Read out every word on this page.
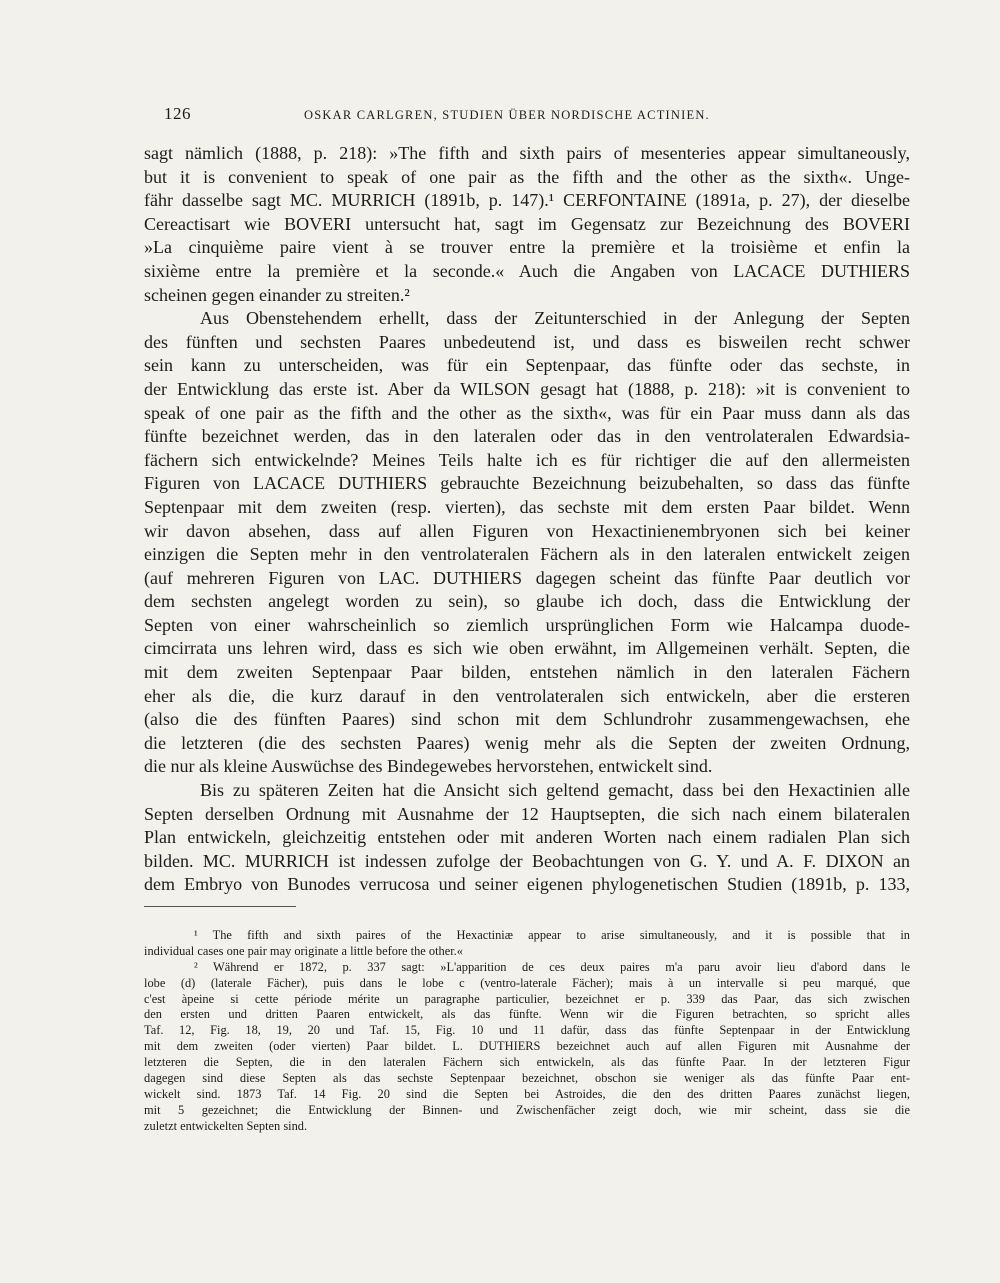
126	OSKAR CARLGREN, STUDIEN ÜBER NORDISCHE ACTINIEN.
sagt nämlich (1888, p. 218): »The fifth and sixth pairs of mesenteries appear simultaneously,
but it is convenient to speak of one pair as the fifth and the other as the sixth«. Unge-
fähr dasselbe sagt MC. MURRICH (1891b, p. 147).¹ CERFONTAINE (1891a, p. 27), der dieselbe
Cereactisart wie BOVERI untersucht hat, sagt im Gegensatz zur Bezeichnung des BOVERI
»La cinquième paire vient à se trouver entre la première et la troisième et enfin la
sixième entre la première et la seconde.« Auch die Angaben von LACACE DUTHIERS
scheinen gegen einander zu streiten.²
Aus Obenstehendem erhellt, dass der Zeitunterschied in der Anlegung der Septen
des fünften und sechsten Paares unbedeutend ist, und dass es bisweilen recht schwer
sein kann zu unterscheiden, was für ein Septenpaar, das fünfte oder das sechste, in
der Entwicklung das erste ist. Aber da WILSON gesagt hat (1888, p. 218): »it is convenient to
speak of one pair as the fifth and the other as the sixth«, was für ein Paar muss dann als das
fünfte bezeichnet werden, das in den lateralen oder das in den ventrolateralen Edwardsia-
fächern sich entwickelnde? Meines Teils halte ich es für richtiger die auf den allermeisten
Figuren von LACACE DUTHIERS gebrauchte Bezeichnung beizubehalten, so dass das fünfte
Septenpaar mit dem zweiten (resp. vierten), das sechste mit dem ersten Paar bildet. Wenn
wir davon absehen, dass auf allen Figuren von Hexactinienembryonen sich bei keiner
einzigen die Septen mehr in den ventrolateralen Fächern als in den lateralen entwickelt zeigen
(auf mehreren Figuren von LAC. DUTHIERS dagegen scheint das fünfte Paar deutlich vor
dem sechsten angelegt worden zu sein), so glaube ich doch, dass die Entwicklung der
Septen von einer wahrscheinlich so ziemlich ursprünglichen Form wie Halcampa duode-
cimcirrata uns lehren wird, dass es sich wie oben erwähnt, im Allgemeinen verhält. Septen, die
mit dem zweiten Septenpaar Paar bilden, entstehen nämlich in den lateralen Fächern
eher als die, die kurz darauf in den ventrolateralen sich entwickeln, aber die ersteren
(also die des fünften Paares) sind schon mit dem Schlundrohr zusammengewachsen, ehe
die letzteren (die des sechsten Paares) wenig mehr als die Septen der zweiten Ordnung,
die nur als kleine Auswüchse des Bindegewebes hervorstehen, entwickelt sind.
Bis zu späteren Zeiten hat die Ansicht sich geltend gemacht, dass bei den Hexactinien alle
Septen derselben Ordnung mit Ausnahme der 12 Hauptsepten, die sich nach einem bilateralen
Plan entwickeln, gleichzeitig entstehen oder mit anderen Worten nach einem radialen Plan sich
bilden. MC. MURRICH ist indessen zufolge der Beobachtungen von G. Y. und A. F. DIXON an
dem Embryo von Bunodes verrucosa und seiner eigenen phylogenetischen Studien (1891b, p. 133,
¹ The fifth and sixth paires of the Hexactiniæ appear to arise simultaneously, and it is possible that in
individual cases one pair may originate a little before the other.«
² Während er 1872, p. 337 sagt: »L'apparition de ces deux paires m'a paru avoir lieu d'abord dans le
lobe (d) (laterale Fächer), puis dans le lobe c (ventro-laterale Fächer); mais à un intervalle si peu marqué, que
c'est àpeine si cette période mérite un paragraphe particulier, bezeichnet er p. 339 das Paar, das sich zwischen
den ersten und dritten Paaren entwickelt, als das fünfte. Wenn wir die Figuren betrachten, so spricht alles
Taf. 12, Fig. 18, 19, 20 und Taf. 15, Fig. 10 und 11 dafür, dass das fünfte Septenpaar in der Entwicklung
mit dem zweiten (oder vierten) Paar bildet. L. DUTHIERS bezeichnet auch auf allen Figuren mit Ausnahme der
letzteren die Septen, die in den lateralen Fächern sich entwickeln, als das fünfte Paar. In der letzteren Figur
dagegen sind diese Septen als das sechste Septenpaar bezeichnet, obschon sie weniger als das fünfte Paar ent-
wickelt sind. 1873 Taf. 14 Fig. 20 sind die Septen bei Astroides, die den des dritten Paares zunächst liegen,
mit 5 gezeichnet; die Entwicklung der Binnen- und Zwischenfächer zeigt doch, wie mir scheint, dass sie die
zuletzt entwickelten Septen sind.
